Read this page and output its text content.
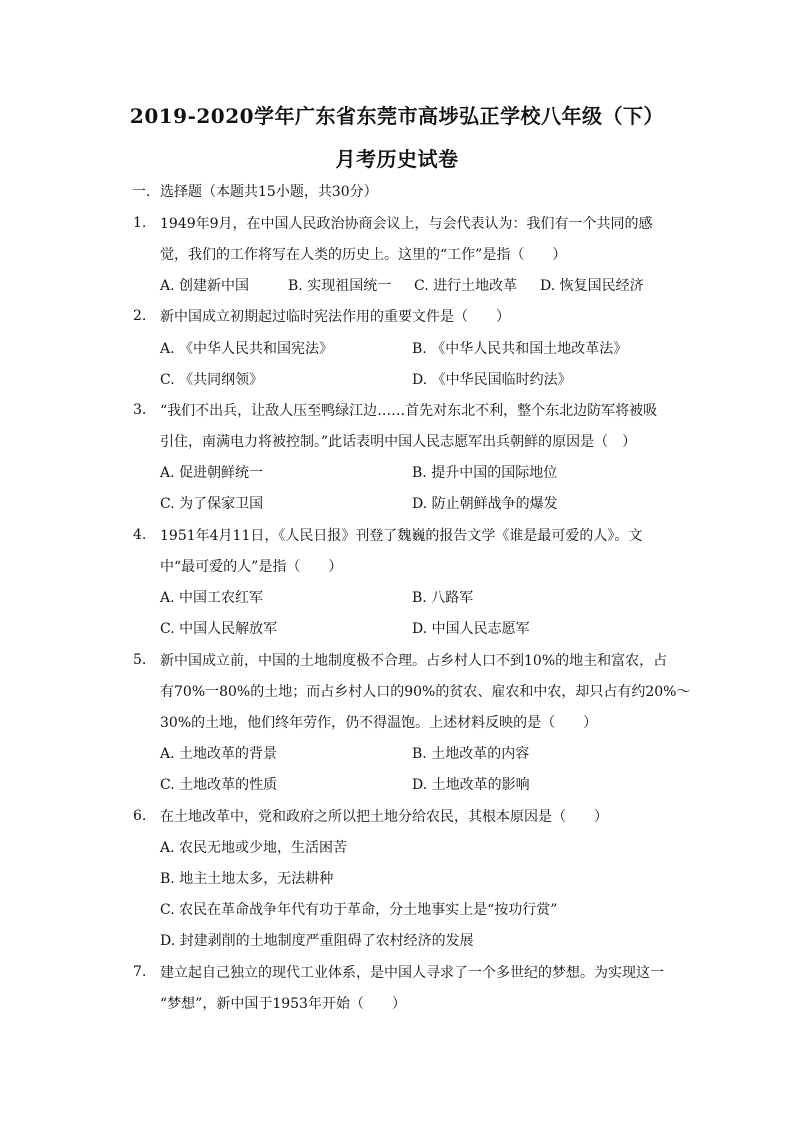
2019-2020学年广东省东莞市高埗弘正学校八年级（下）
月考历史试卷
一．选择题（本题共15小题，共30分）
1. 1949年9月，在中国人民政治协商会议上，与会代表认为：我们有一个共同的感
觉，我们的工作将写在人类的历史上。这里的“工作”是指（　　）
A. 创建新中国	B. 实现祖国统一 C. 进行土地改革 D. 恢复国民经济
2. 新中国成立初期起过临时宪法作用的重要文件是（　　）
A. 《中华人民共和国宪法》	B. 《中华人民共和国土地改革法》
C. 《共同纲领》	D. 《中华民国临时约法》
3. “我们不出兵，让敌人压至鸭绿江边……首先对东北不利，整个东北边防军将被吸
引住，南满电力将被控制。”此话表明中国人民志愿军出兵朝鲜的原因是（　）
A. 促进朝鲜统一	B. 提升中国的国际地位
C. 为了保家卫国	D. 防止朝鲜战争的爆发
4. 1951年4月11日，《人民日报》刊登了魏巍的报告文学《谁是最可爱的人》。文
中“最可爱的人”是指（　　）
A. 中国工农红军	B. 八路军
C. 中国人民解放军	D. 中国人民志愿军
5. 新中国成立前，中国的土地制度极不合理。占乡村人口不到10%的地主和富农，占
有70%一80%的土地；而占乡村人口的90%的贫农、雇农和中农，却只占有约20%～
30%的土地，他们终年劳作，仍不得温饱。上述材料反映的是（　　）
A. 土地改革的背景	B. 土地改革的内容
C. 土地改革的性质	D. 土地改革的影响
6. 在土地改革中，党和政府之所以把土地分给农民，其根本原因是（　　）
A. 农民无地或少地，生活困苦
B. 地主土地太多，无法耕种
C. 农民在革命战争年代有功于革命，分土地事实上是“按功行赏”
D. 封建剥削的土地制度严重阻碍了农村经济的发展
7. 建立起自己独立的现代工业体系，是中国人寻求了一个多世纪的梦想。为实现这一
“梦想”，新中国于1953年开始（　　）
